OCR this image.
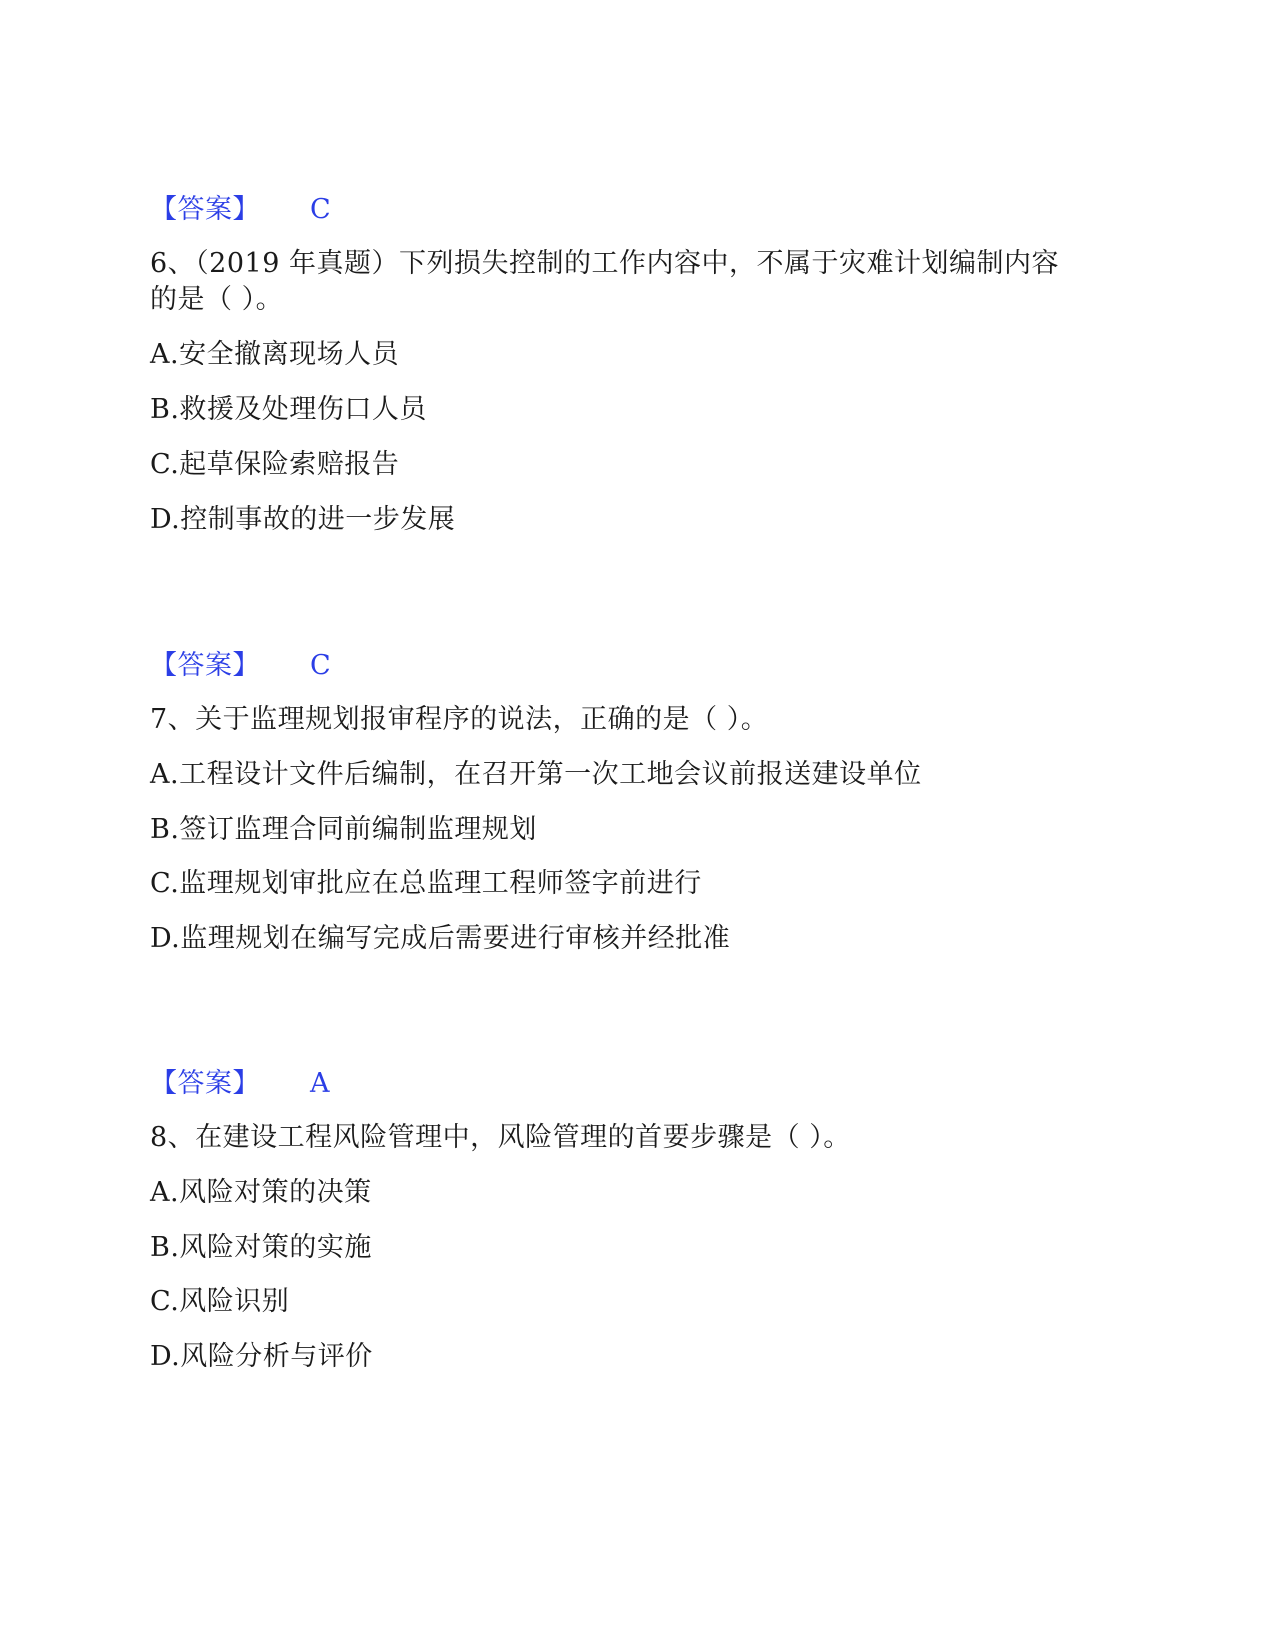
【答案】 C
6、（2019 年真题）下列损失控制的工作内容中，不属于灾难计划编制内容
的是（ ）。
A.安全撤离现场人员
B.救援及处理伤口人员
C.起草保险索赔报告
D.控制事故的进一步发展
【答案】 C
7、关于监理规划报审程序的说法，正确的是（ ）。
A.工程设计文件后编制，在召开第一次工地会议前报送建设单位
B.签订监理合同前编制监理规划
C.监理规划审批应在总监理工程师签字前进行
D.监理规划在编写完成后需要进行审核并经批准
【答案】 A
8、在建设工程风险管理中，风险管理的首要步骤是（ ）。
A.风险对策的决策
B.风险对策的实施
C.风险识别
D.风险分析与评价
